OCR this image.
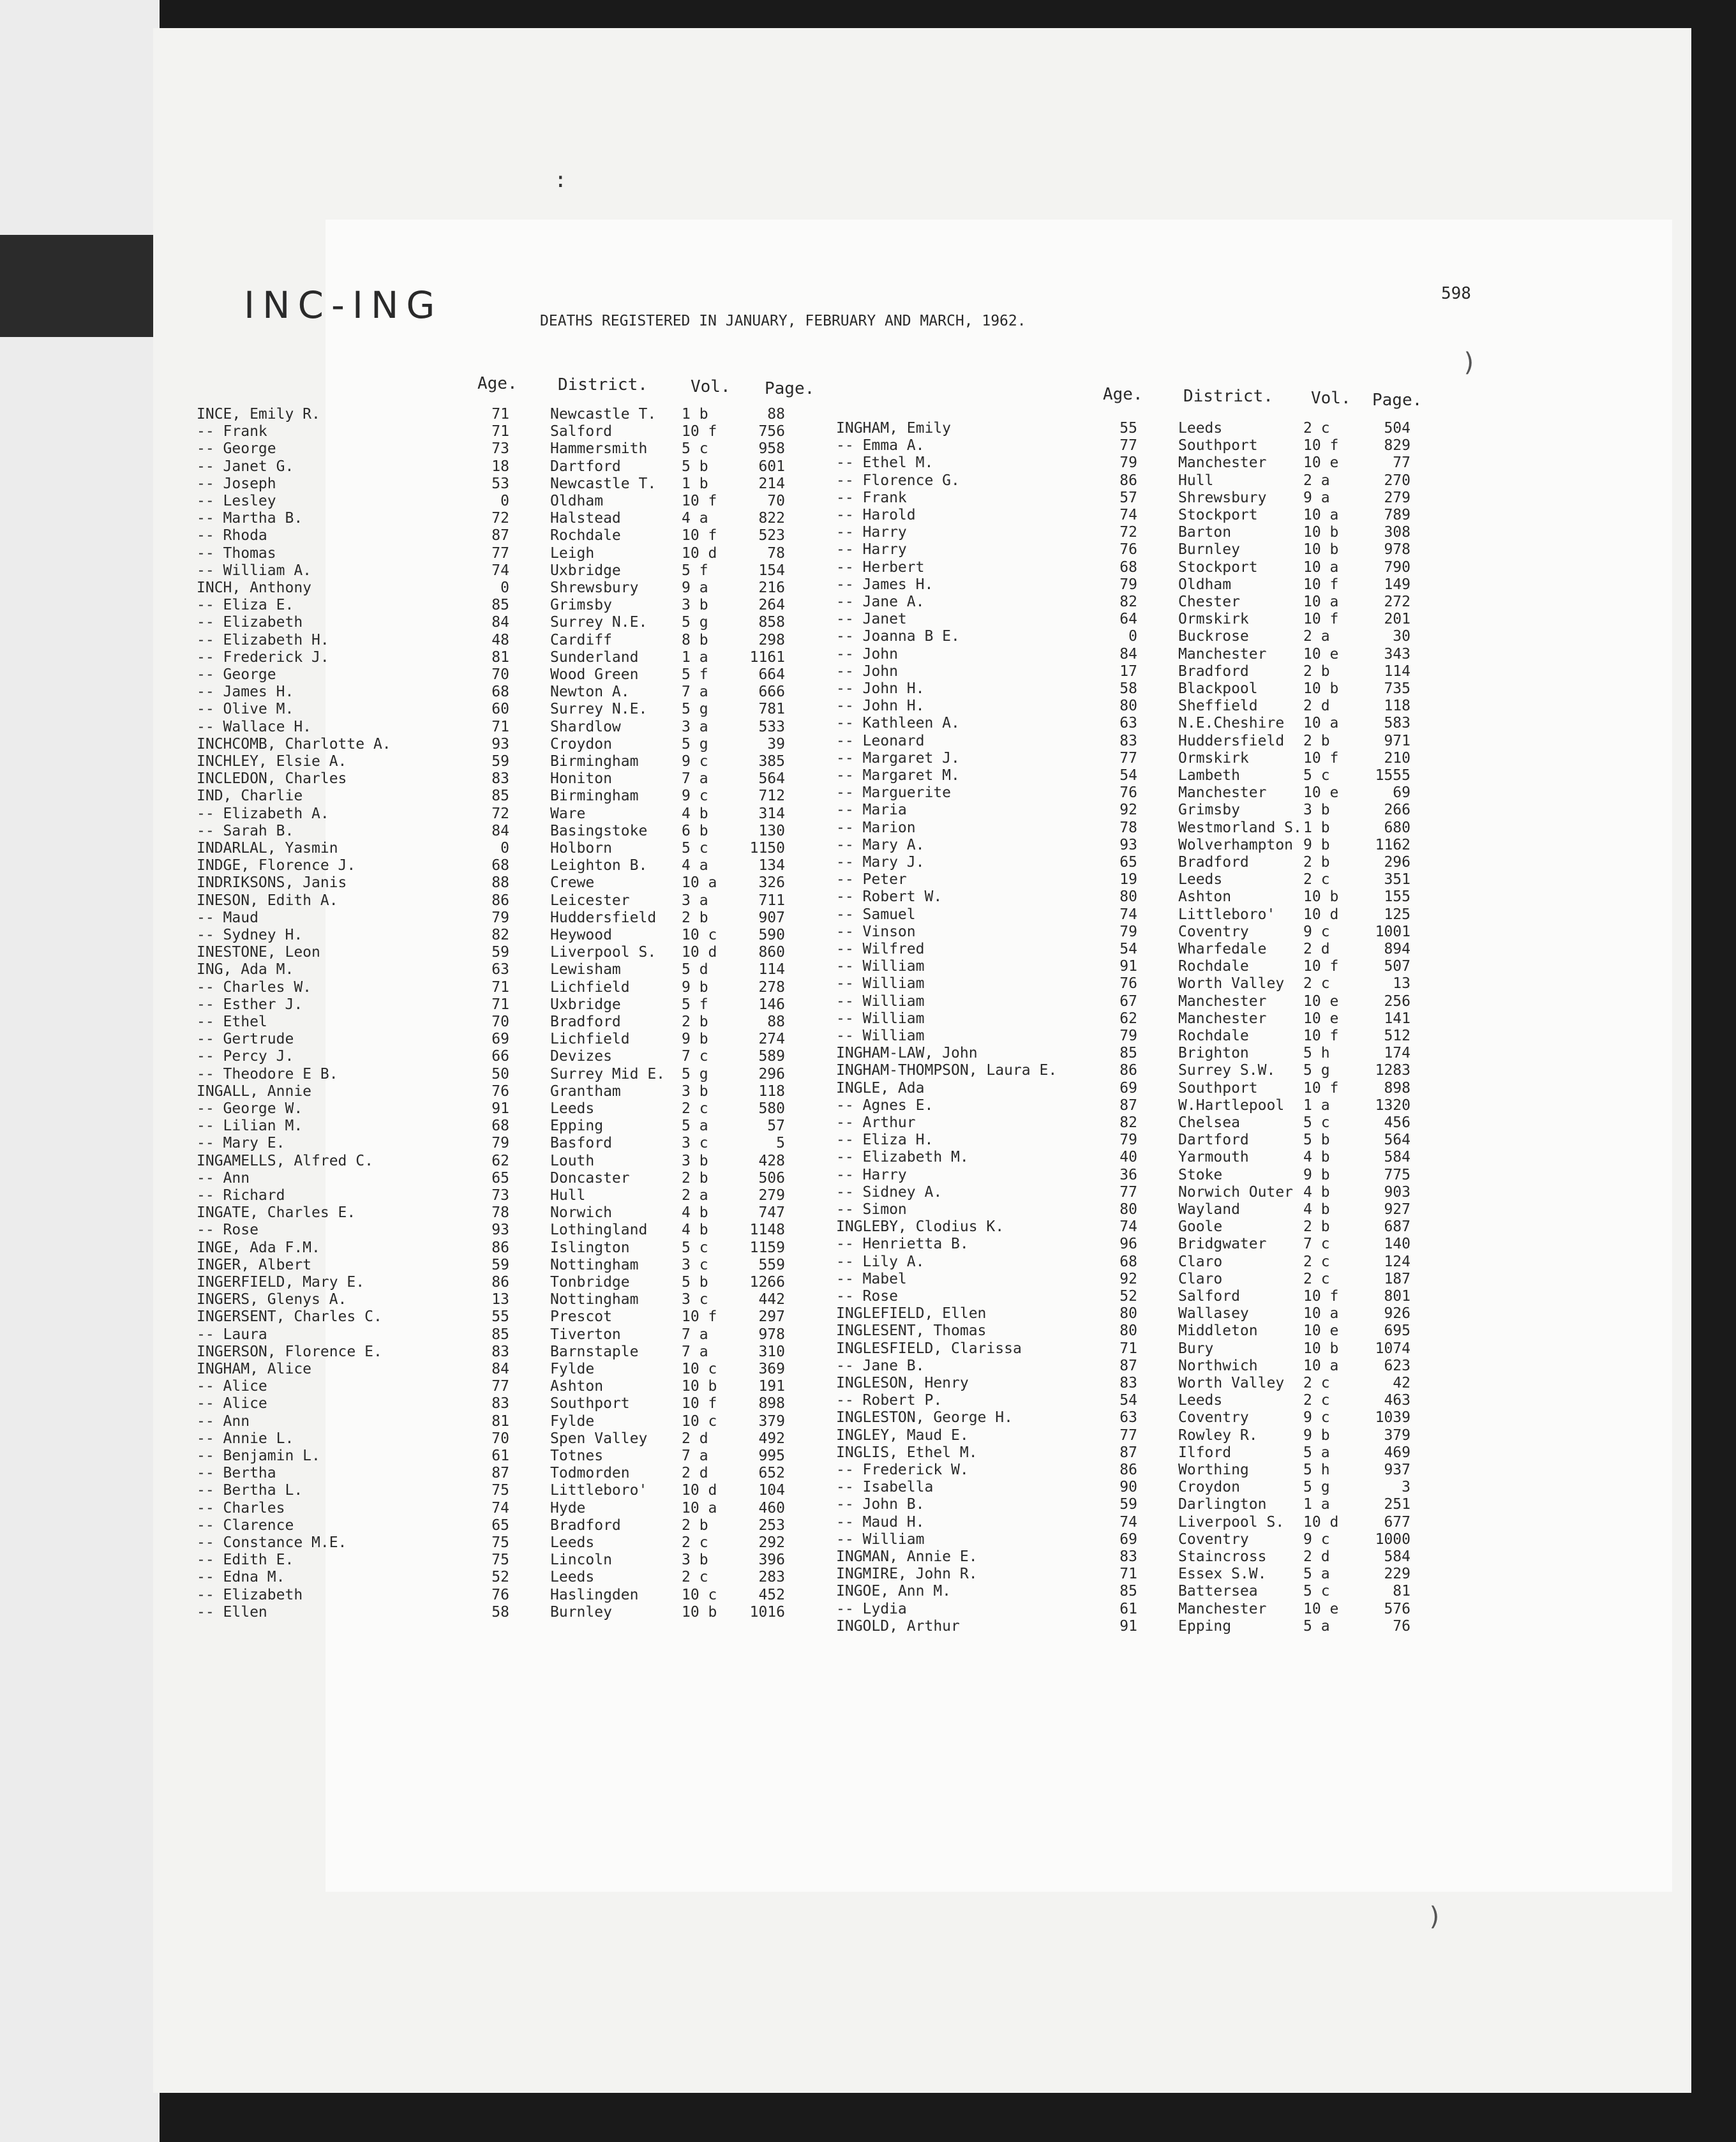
:
INC-ING	DEATHS REGISTERED IN JANUARY, FEBRUARY AND MARCH, 1962.
598
Age. District.	Vol. Page.	Age. District. Vol. Page.
INCE, Emily R.	71	Newcastle T. 1 b	88
-- Frank	71	Salford	10 f	756
-- George	73	Hammersmith 5 c	958
-- Janet G.	18	Dartford	5 b	601
-- Joseph	53	Newcastle T. 1 b	214
-- Lesley	0	Oldham	10 f	70
-- Martha B.	72	Halstead	4 a	822
-- Rhoda	87	Rochdale	10 f	523
-- Thomas	77	Leigh	10 d	78
-- William A.	74	Uxbridge	5 f	154
INCH, Anthony	0	Shrewsbury	9 a	216
-- Eliza E.	85	Grimsby	3 b	264
-- Elizabeth	84	Surrey N.E. 5 g	858
-- Elizabeth H.	48	Cardiff	8 b	298
-- Frederick J.	81	Sunderland	1 a	1161
-- George	70	Wood Green	5 f	664
-- James H.	68	Newton A.	7 a	666
-- Olive M.	60	Surrey N.E. 5 g	781
-- Wallace H.	71	Shardlow	3 a	533
INCHCOMB, Charlotte A.	93	Croydon	5 g	39
INCHLEY, Elsie A.	59	Birmingham	9 c	385
INCLEDON, Charles	83	Honiton	7 a	564
IND, Charlie	85	Birmingham	9 c	712
-- Elizabeth A.	72	Ware	4 b	314
-- Sarah B.	84	Basingstoke 6 b	130
INDARLAL, Yasmin	0	Holborn	5 c	1150
INDGE, Florence J.	68	Leighton B. 4 a	134
INDRIKSONS, Janis	88	Crewe	10 a	326
INESON, Edith A.	86	Leicester	3 a	711
-- Maud	79	Huddersfield 2 b	907
-- Sydney H.	82	Heywood	10 c	590
INESTONE, Leon	59	Liverpool S. 10 d	860
ING, Ada M.	63	Lewisham	5 d	114
-- Charles W.	71	Lichfield	9 b	278
-- Esther J.	71	Uxbridge	5 f	146
-- Ethel	70	Bradford	2 b	88
-- Gertrude	69	Lichfield	9 b	274
-- Percy J.	66	Devizes	7 c	589
-- Theodore E B.	50	Surrey Mid E. 5 g	296
INGALL, Annie	76	Grantham	3 b	118
-- George W.	91	Leeds	2 c	580
-- Lilian M.	68	Epping	5 a	57
-- Mary E.	79	Basford	3 c	5
INGAMELLS, Alfred C.	62	Louth	3 b	428
-- Ann	65	Doncaster	2 b	506
-- Richard	73	Hull	2 a	279
INGATE, Charles E.	78	Norwich	4 b	747
-- Rose	93	Lothingland 4 b	1148
INGE, Ada F.M.	86	Islington	5 c	1159
INGER, Albert	59	Nottingham	3 c	559
INGERFIELD, Mary E.	86	Tonbridge	5 b	1266
INGERS, Glenys A.	13	Nottingham	3 c	442
INGERSENT, Charles C.	55	Prescot	10 f	297
-- Laura	85	Tiverton	7 a	978
INGERSON, Florence E.	83	Barnstaple	7 a	310
INGHAM, Alice	84	Fylde	10 c	369
-- Alice	77	Ashton	10 b	191
-- Alice	83	Southport	10 f	898
-- Ann	81	Fylde	10 c	379
-- Annie L.	70	Spen Valley 2 d	492
-- Benjamin L.	61	Totnes	7 a	995
-- Bertha	87	Todmorden	2 d	652
-- Bertha L.	75	Littleboro' 10 d	104
-- Charles	74	Hyde	10 a	460
-- Clarence	65	Bradford	2 b	253
-- Constance M.E.	75	Leeds	2 c	292
-- Edith E.	75	Lincoln	3 b	396
-- Edna M.	52	Leeds	2 c	283
-- Elizabeth	76	Haslingden	10 c	452
-- Ellen	58	Burnley	10 b	1016
INGHAM, Emily	55	Leeds	2 c	504
-- Emma A.	77	Southport	10 f	829
-- Ethel M.	79	Manchester	10 e	77
-- Florence G.	86	Hull	2 a	270
-- Frank	57	Shrewsbury	9 a	279
-- Harold	74	Stockport	10 a	789
-- Harry	72	Barton	10 b	308
-- Harry	76	Burnley	10 b	978
-- Herbert	68	Stockport	10 a	790
-- James H.	79	Oldham	10 f	149
-- Jane A.	82	Chester	10 a	272
-- Janet	64	Ormskirk	10 f	201
-- Joanna B E.	0	Buckrose	2 a	30
-- John	84	Manchester	10 e	343
-- John	17	Bradford	2 b	114
-- John H.	58	Blackpool	10 b	735
-- John H.	80	Sheffield	2 d	118
-- Kathleen A.	63	N.E.Cheshire 10 a	583
-- Leonard	83	Huddersfield 2 b	971
-- Margaret J.	77	Ormskirk	10 f	210
-- Margaret M.	54	Lambeth	5 c	1555
-- Marguerite	76	Manchester	10 e	69
-- Maria	92	Grimsby	3 b	266
-- Marion	78	Westmorland S. 1 b	680
-- Mary A.	93	Wolverhampton 9 b	1162
-- Mary J.	65	Bradford	2 b	296
-- Peter	19	Leeds	2 c	351
-- Robert W.	80	Ashton	10 b	155
-- Samuel	74	Littleboro' 10 d	125
-- Vinson	79	Coventry	9 c	1001
-- Wilfred	54	Wharfedale	2 d	894
-- William	91	Rochdale	10 f	507
-- William	76	Worth Valley 2 c	13
-- William	67	Manchester	10 e	256
-- William	62	Manchester	10 e	141
-- William	79	Rochdale	10 f	512
INGHAM-LAW, John	85	Brighton	5 h	174
INGHAM-THOMPSON, Laura E.	86	Surrey S.W. 5 g	1283
INGLE, Ada	69	Southport	10 f	898
-- Agnes E.	87	W.Hartlepool 1 a	1320
-- Arthur	82	Chelsea	5 c	456
-- Eliza H.	79	Dartford	5 b	564
-- Elizabeth M.	40	Yarmouth	4 b	584
-- Harry	36	Stoke	9 b	775
-- Sidney A.	77	Norwich Outer 4 b	903
-- Simon	80	Wayland	4 b	927
INGLEBY, Clodius K.	74	Goole	2 b	687
-- Henrietta B.	96	Bridgwater	7 c	140
-- Lily A.	68	Claro	2 c	124
-- Mabel	92	Claro	2 c	187
-- Rose	52	Salford	10 f	801
INGLEFIELD, Ellen	80	Wallasey	10 a	926
INGLESENT, Thomas	80	Middleton	10 e	695
INGLESFIELD, Clarissa	71	Bury	10 b	1074
-- Jane B.	87	Northwich	10 a	623
INGLESON, Henry	83	Worth Valley 2 c	42
-- Robert P.	54	Leeds	2 c	463
INGLESTON, George H.	63	Coventry	9 c	1039
INGLEY, Maud E.	77	Rowley R.	9 b	379
INGLIS, Ethel M.	87	Ilford	5 a	469
-- Frederick W.	86	Worthing	5 h	937
-- Isabella	90	Croydon	5 g	3
-- John B.	59	Darlington	1 a	251
-- Maud H.	74	Liverpool S. 10 d	677
-- William	69	Coventry	9 c	1000
INGMAN, Annie E.	83	Staincross	2 d	584
INGMIRE, John R.	71	Essex S.W.	5 a	229
INGOE, Ann M.	85	Battersea	5 c	81
-- Lydia	61	Manchester	10 e	576
INGOLD, Arthur	91	Epping	5 a	76
)
)
